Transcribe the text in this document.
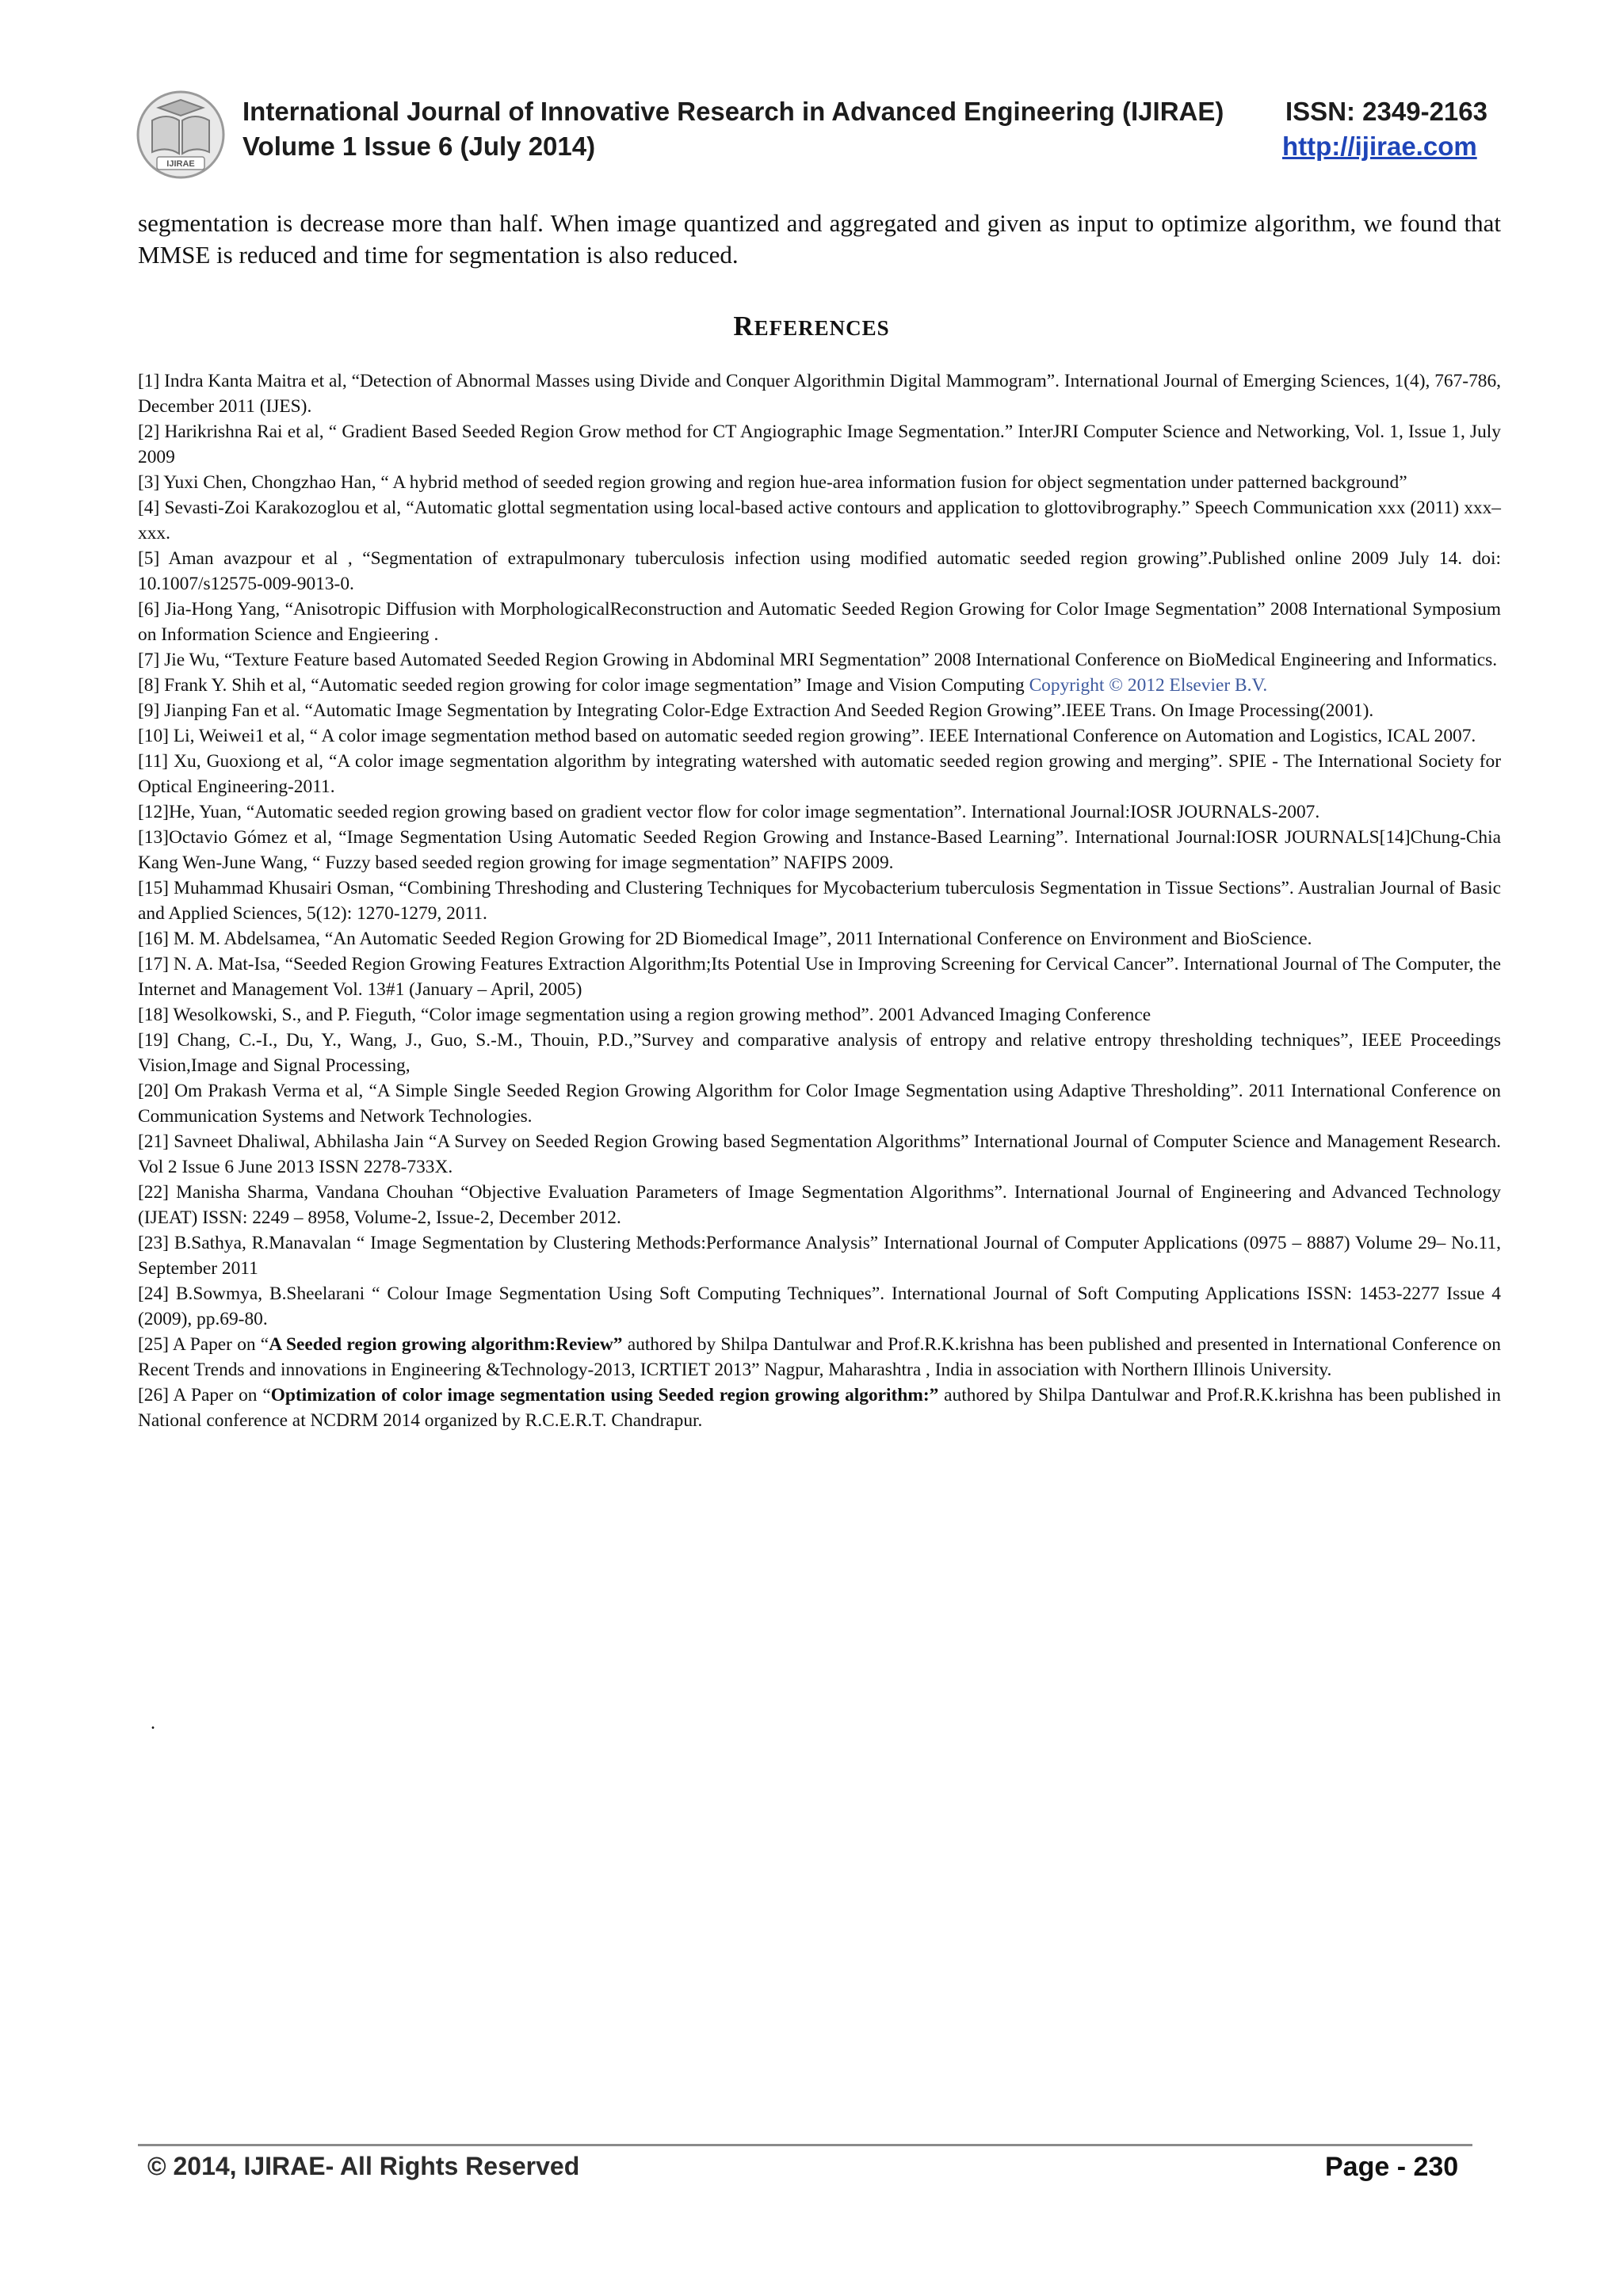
IJIRAE
International Journal of Innovative Research in Advanced Engineering (IJIRAE)
Volume 1 Issue 6 (July 2014)
ISSN: 2349-2163
http://ijirae.com
segmentation is decrease more than half. When image quantized and aggregated and given as input to optimize algorithm, we found that MMSE is reduced and time for segmentation is also reduced.
REFERENCES
[1] Indra Kanta Maitra et al, “Detection of Abnormal Masses using Divide and Conquer Algorithmin Digital Mammogram”. International Journal of Emerging Sciences, 1(4), 767-786, December 2011 (IJES).
[2] Harikrishna Rai et al, “ Gradient Based Seeded Region Grow method for CT Angiographic Image Segmentation.” InterJRI Computer Science and Networking, Vol. 1, Issue 1, July 2009
[3] Yuxi Chen, Chongzhao Han, “ A hybrid method of seeded region growing and region hue-area information fusion for object segmentation under patterned background”
[4] Sevasti-Zoi Karakozoglou et al, “Automatic glottal segmentation using local-based active contours and application to glottovibrography.” Speech Communication xxx (2011) xxx–xxx.
[5] Aman avazpour et al , “Segmentation of extrapulmonary tuberculosis infection using modified automatic seeded region growing”.Published online 2009 July 14. doi: 10.1007/s12575-009-9013-0.
[6] Jia-Hong Yang, “Anisotropic Diffusion with MorphologicalReconstruction and Automatic Seeded Region Growing for Color Image Segmentation” 2008 International Symposium on Information Science and Engieering .
[7] Jie Wu, “Texture Feature based Automated Seeded Region Growing in Abdominal MRI Segmentation” 2008 International Conference on BioMedical Engineering and Informatics.
[8] Frank Y. Shih et al, “Automatic seeded region growing for color image segmentation” Image and Vision Computing Copyright © 2012 Elsevier B.V.
[9] Jianping Fan et al. “Automatic Image Segmentation by Integrating Color-Edge Extraction And Seeded Region Growing”.IEEE Trans. On Image Processing(2001).
[10] Li, Weiwei1 et al, “ A color image segmentation method based on automatic seeded region growing”. IEEE International Conference on Automation and Logistics, ICAL 2007.
[11] Xu, Guoxiong et al, “A color image segmentation algorithm by integrating watershed with automatic seeded region growing and merging”. SPIE - The International Society for Optical Engineering-2011.
[12]He, Yuan, “Automatic seeded region growing based on gradient vector flow for color image segmentation”. International Journal:IOSR JOURNALS-2007.
[13]Octavio Gómez et al, “Image Segmentation Using Automatic Seeded Region Growing and Instance-Based Learning”. International Journal:IOSR JOURNALS[14]Chung-Chia Kang Wen-June Wang, “ Fuzzy based seeded region growing for image segmentation” NAFIPS 2009.
[15] Muhammad Khusairi Osman, “Combining Threshoding and Clustering Techniques for Mycobacterium tuberculosis Segmentation in Tissue Sections”. Australian Journal of Basic and Applied Sciences, 5(12): 1270-1279, 2011.
[16] M. M. Abdelsamea, “An Automatic Seeded Region Growing for 2D Biomedical Image”, 2011 International Conference on Environment and BioScience.
[17] N. A. Mat-Isa, “Seeded Region Growing Features Extraction Algorithm;Its Potential Use in Improving Screening for Cervical Cancer”. International Journal of The Computer, the Internet and Management Vol. 13#1 (January – April, 2005)
[18] Wesolkowski, S., and P. Fieguth, “Color image segmentation using a region growing method”. 2001 Advanced Imaging Conference
[19] Chang, C.-I., Du, Y., Wang, J., Guo, S.-M., Thouin, P.D.,”Survey and comparative analysis of entropy and relative entropy thresholding techniques”, IEEE Proceedings Vision,Image and Signal Processing,
[20] Om Prakash Verma et al, “A Simple Single Seeded Region Growing Algorithm for Color Image Segmentation using Adaptive Thresholding”. 2011 International Conference on Communication Systems and Network Technologies.
[21] Savneet Dhaliwal, Abhilasha Jain “A Survey on Seeded Region Growing based Segmentation Algorithms” International Journal of Computer Science and Management Research. Vol 2 Issue 6 June 2013 ISSN 2278-733X.
[22] Manisha Sharma, Vandana Chouhan “Objective Evaluation Parameters of Image Segmentation Algorithms”. International Journal of Engineering and Advanced Technology (IJEAT) ISSN: 2249 – 8958, Volume-2, Issue-2, December 2012.
[23] B.Sathya, R.Manavalan “ Image Segmentation by Clustering Methods:Performance Analysis” International Journal of Computer Applications (0975 – 8887) Volume 29– No.11, September 2011
[24] B.Sowmya, B.Sheelarani “ Colour Image Segmentation Using Soft Computing Techniques”. International Journal of Soft Computing Applications ISSN: 1453-2277 Issue 4 (2009), pp.69-80.
[25] A Paper on “A Seeded region growing algorithm:Review” authored by Shilpa Dantulwar and Prof.R.K.krishna has been published and presented in International Conference on Recent Trends and innovations in Engineering &Technology-2013, ICRTIET 2013” Nagpur, Maharashtra , India in association with Northern Illinois University.
[26] A Paper on “Optimization of color image segmentation using Seeded region growing algorithm:” authored by Shilpa Dantulwar and Prof.R.K.krishna has been published in National conference at NCDRM 2014 organized by R.C.E.R.T. Chandrapur.
.
© 2014, IJIRAE- All Rights Reserved	Page - 230
